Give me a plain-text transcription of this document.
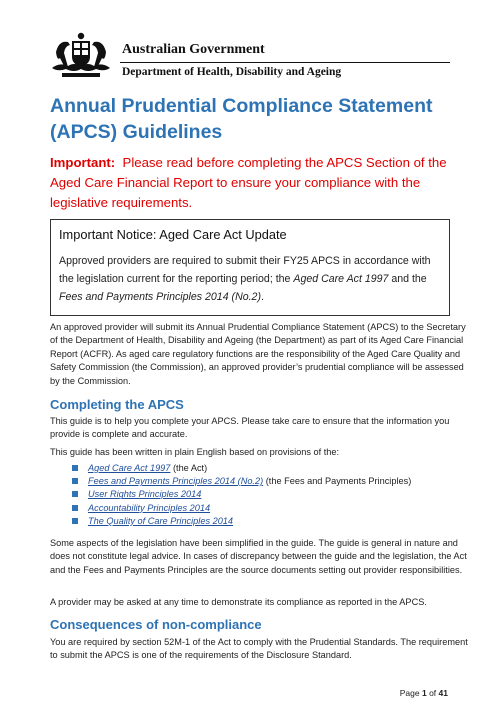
Australian Government
Department of Health, Disability and Ageing
Annual Prudential Compliance Statement
(APCS) Guidelines

Important: Please read before completing the APCS Section of the Aged Care Financial Report to ensure your compliance with the legislative requirements.

Important Notice: Aged Care Act Update

Approved providers are required to submit their FY25 APCS in accordance with the legislation current for the reporting period; the Aged Care Act 1997 and the Fees and Payments Principles 2014 (No.2).

An approved provider will submit its Annual Prudential Compliance Statement (APCS) to the Secretary of the Department of Health, Disability and Ageing (the Department) as part of its Aged Care Financial Report (ACFR). As aged care regulatory functions are the responsibility of the Aged Care Quality and Safety Commission (the Commission), an approved provider’s prudential compliance will be assessed by the Commission.

Completing the APCS

This guide is to help you complete your APCS. Please take care to ensure that the information you provide is complete and accurate.

This guide has been written in plain English based on provisions of the:

Aged Care Act 1997 (the Act)
Fees and Payments Principles 2014 (No.2) (the Fees and Payments Principles)
User Rights Principles 2014
Accountability Principles 2014
The Quality of Care Principles 2014

Some aspects of the legislation have been simplified in the guide. The guide is general in nature and does not constitute legal advice. In cases of discrepancy between the guide and the legislation, the Act and the Fees and Payments Principles are the source documents setting out provider responsibilities.

A provider may be asked at any time to demonstrate its compliance as reported in the APCS.

Consequences of non-compliance

You are required by section 52M-1 of the Act to comply with the Prudential Standards. The requirement to submit the APCS is one of the requirements of the Disclosure Standard.

Page 1 of 41
